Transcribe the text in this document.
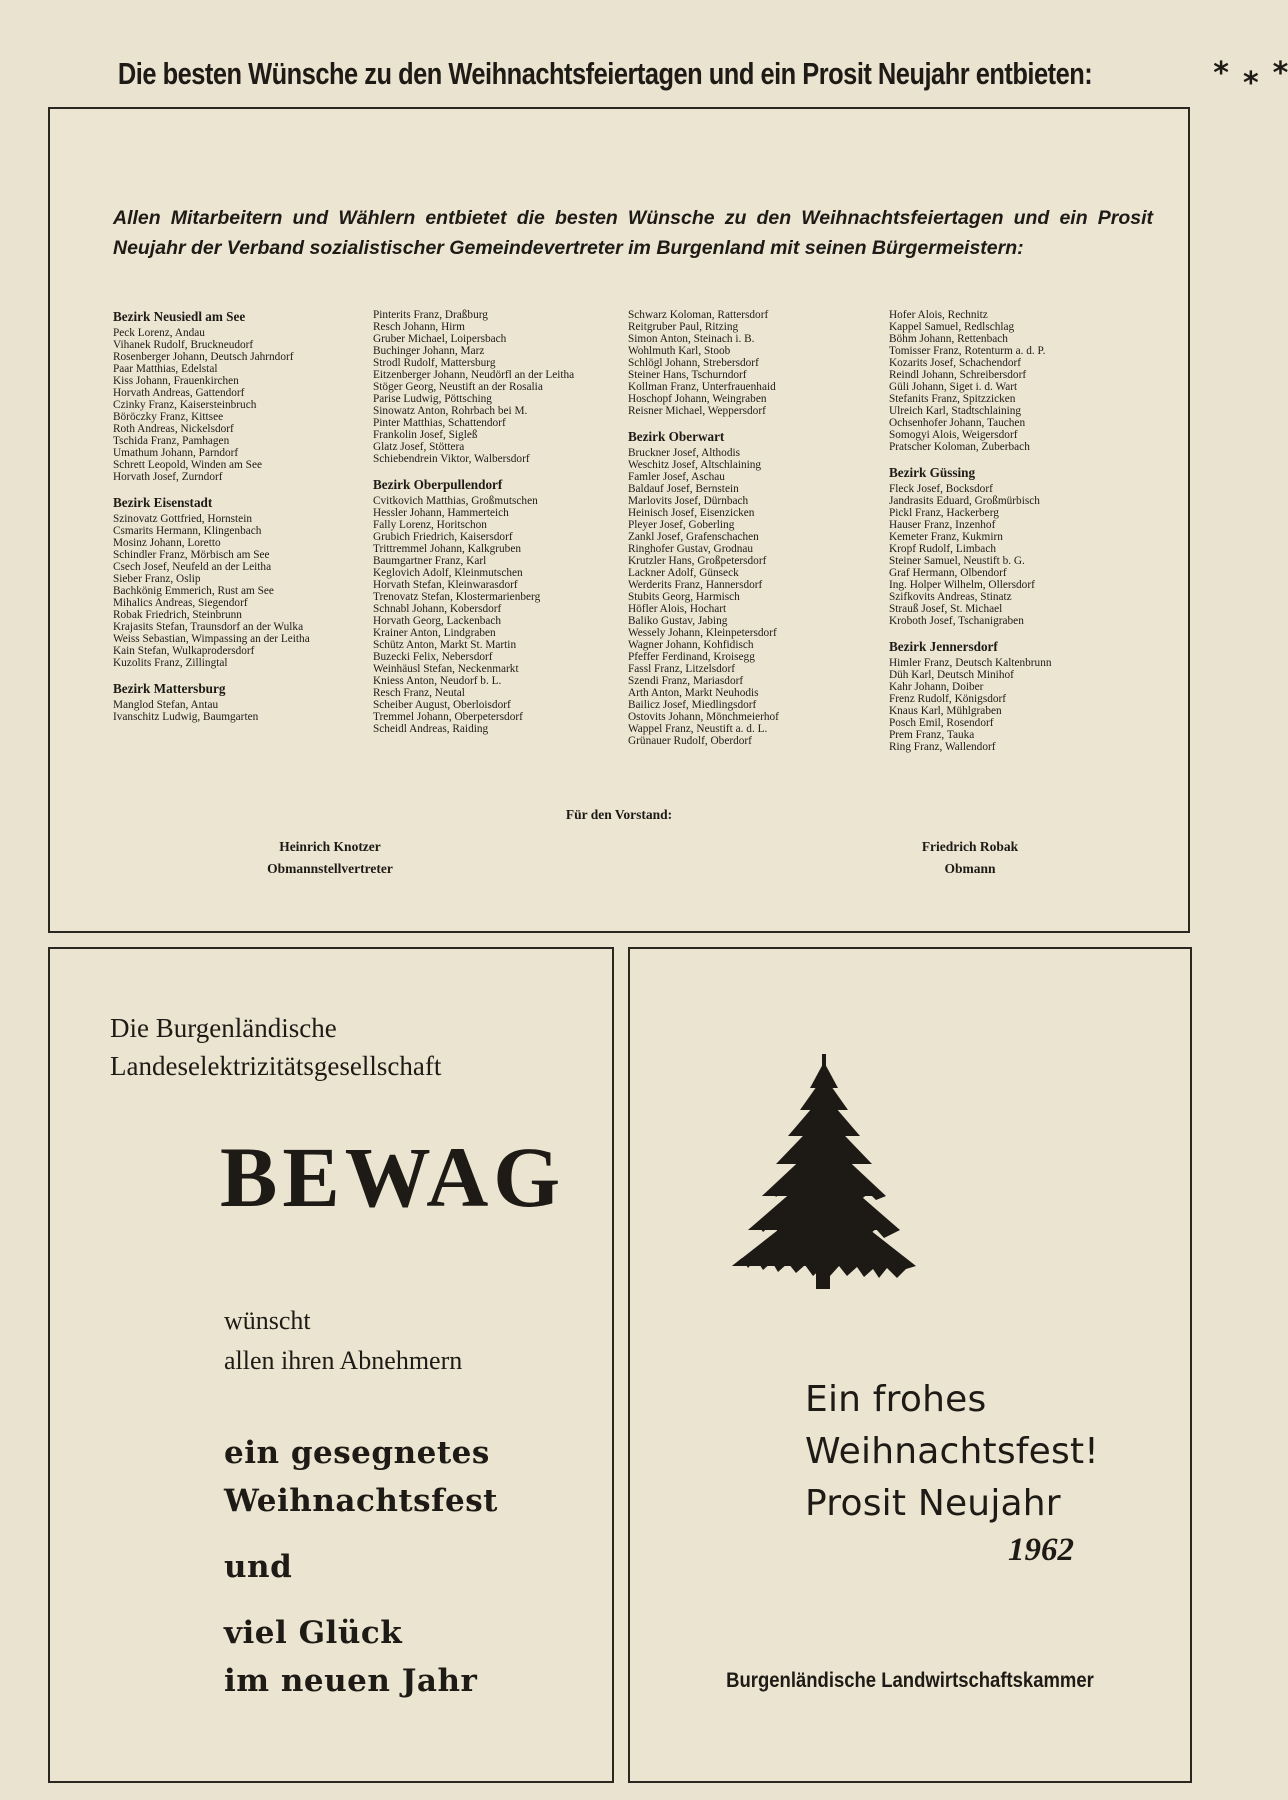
Die besten Wünsche zu den Weihnachtsfeiertagen und ein Prosit Neujahr entbieten:	* * *
Allen Mitarbeitern und Wählern entbietet die besten Wünsche zu den Weihnachtsfeiertagen und ein Prosit Neujahr der Verband sozialistischer Gemeindevertreter im Burgenland mit seinen Bürgermeistern:
Bezirk Neusiedl am See
Peck Lorenz, Andau
Vihanek Rudolf, Bruckneudorf
Rosenberger Johann, Deutsch Jahrndorf
Paar Matthias, Edelstal
Kiss Johann, Frauenkirchen
Horvath Andreas, Gattendorf
Czinky Franz, Kaisersteinbruch
Böröczky Franz, Kittsee
Roth Andreas, Nickelsdorf
Tschida Franz, Pamhagen
Umathum Johann, Parndorf
Schrett Leopold, Winden am See
Horvath Josef, Zurndorf
Bezirk Eisenstadt
Szinovatz Gottfried, Hornstein
Csmarits Hermann, Klingenbach
Mosinz Johann, Loretto
Schindler Franz, Mörbisch am See
Csech Josef, Neufeld an der Leitha
Sieber Franz, Oslip
Bachkönig Emmerich, Rust am See
Mihalics Andreas, Siegendorf
Robak Friedrich, Steinbrunn
Krajasits Stefan, Traunsdorf an der Wulka
Weiss Sebastian, Wimpassing an der Leitha
Kain Stefan, Wulkaprodersdorf
Kuzolits Franz, Zillingtal
Bezirk Mattersburg
Manglod Stefan, Antau
Ivanschitz Ludwig, Baumgarten
Pinterits Franz, Draßburg
Resch Johann, Hirm
Gruber Michael, Loipersbach
Buchinger Johann, Marz
Strodl Rudolf, Mattersburg
Eitzenberger Johann, Neudörfl an der Leitha
Stöger Georg, Neustift an der Rosalia
Parise Ludwig, Pöttsching
Sinowatz Anton, Rohrbach bei M.
Pinter Matthias, Schattendorf
Frankolin Josef, Sigleß
Glatz Josef, Stöttera
Schiebendrein Viktor, Walbersdorf
Bezirk Oberpullendorf
Cvitkovich Matthias, Großmutschen
Hessler Johann, Hammerteich
Fally Lorenz, Horitschon
Grubich Friedrich, Kaisersdorf
Trittremmel Johann, Kalkgruben
Baumgartner Franz, Karl
Keglovich Adolf, Kleinmutschen
Horvath Stefan, Kleinwarasdorf
Trenovatz Stefan, Klostermarienberg
Schnabl Johann, Kobersdorf
Horvath Georg, Lackenbach
Krainer Anton, Lindgraben
Schütz Anton, Markt St. Martin
Buzecki Felix, Nebersdorf
Weinhäusl Stefan, Neckenmarkt
Kniess Anton, Neudorf b. L.
Resch Franz, Neutal
Scheiber August, Oberloisdorf
Tremmel Johann, Oberpetersdorf
Scheidl Andreas, Raiding
Schwarz Koloman, Rattersdorf
Reitgruber Paul, Ritzing
Simon Anton, Steinach i. B.
Wohlmuth Karl, Stoob
Schlögl Johann, Strebersdorf
Steiner Hans, Tschurndorf
Kollman Franz, Unterfrauenhaid
Hoschopf Johann, Weingraben
Reisner Michael, Weppersdorf
Bezirk Oberwart
Bruckner Josef, Althodis
Weschitz Josef, Altschlaining
Famler Josef, Aschau
Baldauf Josef, Bernstein
Marlovits Josef, Dürnbach
Heinisch Josef, Eisenzicken
Pleyer Josef, Goberling
Zankl Josef, Grafenschachen
Ringhofer Gustav, Grodnau
Krutzler Hans, Großpetersdorf
Lackner Adolf, Günseck
Werderits Franz, Hannersdorf
Stubits Georg, Harmisch
Höfler Alois, Hochart
Baliko Gustav, Jabing
Wessely Johann, Kleinpetersdorf
Wagner Johann, Kohfidisch
Pfeffer Ferdinand, Kroisegg
Fassl Franz, Litzelsdorf
Szendi Franz, Mariasdorf
Arth Anton, Markt Neuhodis
Bailicz Josef, Miedlingsdorf
Ostovits Johann, Mönchmeierhof
Wappel Franz, Neustift a. d. L.
Grünauer Rudolf, Oberdorf
Hofer Alois, Rechnitz
Kappel Samuel, Redlschlag
Böhm Johann, Rettenbach
Tomisser Franz, Rotenturm a. d. P.
Kozarits Josef, Schachendorf
Reindl Johann, Schreibersdorf
Güli Johann, Siget i. d. Wart
Stefanits Franz, Spitzzicken
Ulreich Karl, Stadtschlaining
Ochsenhofer Johann, Tauchen
Somogyi Alois, Weigersdorf
Pratscher Koloman, Zuberbach
Bezirk Güssing
Fleck Josef, Bocksdorf
Jandrasits Eduard, Großmürbisch
Pickl Franz, Hackerberg
Hauser Franz, Inzenhof
Kemeter Franz, Kukmirn
Kropf Rudolf, Limbach
Steiner Samuel, Neustift b. G.
Graf Hermann, Olbendorf
Ing. Holper Wilhelm, Ollersdorf
Szifkovits Andreas, Stinatz
Strauß Josef, St. Michael
Kroboth Josef, Tschanigraben
Bezirk Jennersdorf
Himler Franz, Deutsch Kaltenbrunn
Düh Karl, Deutsch Minihof
Kahr Johann, Doiber
Frenz Rudolf, Königsdorf
Knaus Karl, Mühlgraben
Posch Emil, Rosendorf
Prem Franz, Tauka
Ring Franz, Wallendorf
Für den Vorstand:
Heinrich Knotzer
Obmannstellvertreter
Friedrich Robak
Obmann
Die Burgenländische
Landeselektrizitätsgesellschaft
BEWAG
wünscht
allen ihren Abnehmern
ein gesegnetes
Weihnachtsfest
und
viel Glück
im neuen Jahr
Ein frohes
Weihnachtsfest!
Prosit Neujahr
1962
Burgenländische Landwirtschaftskammer
